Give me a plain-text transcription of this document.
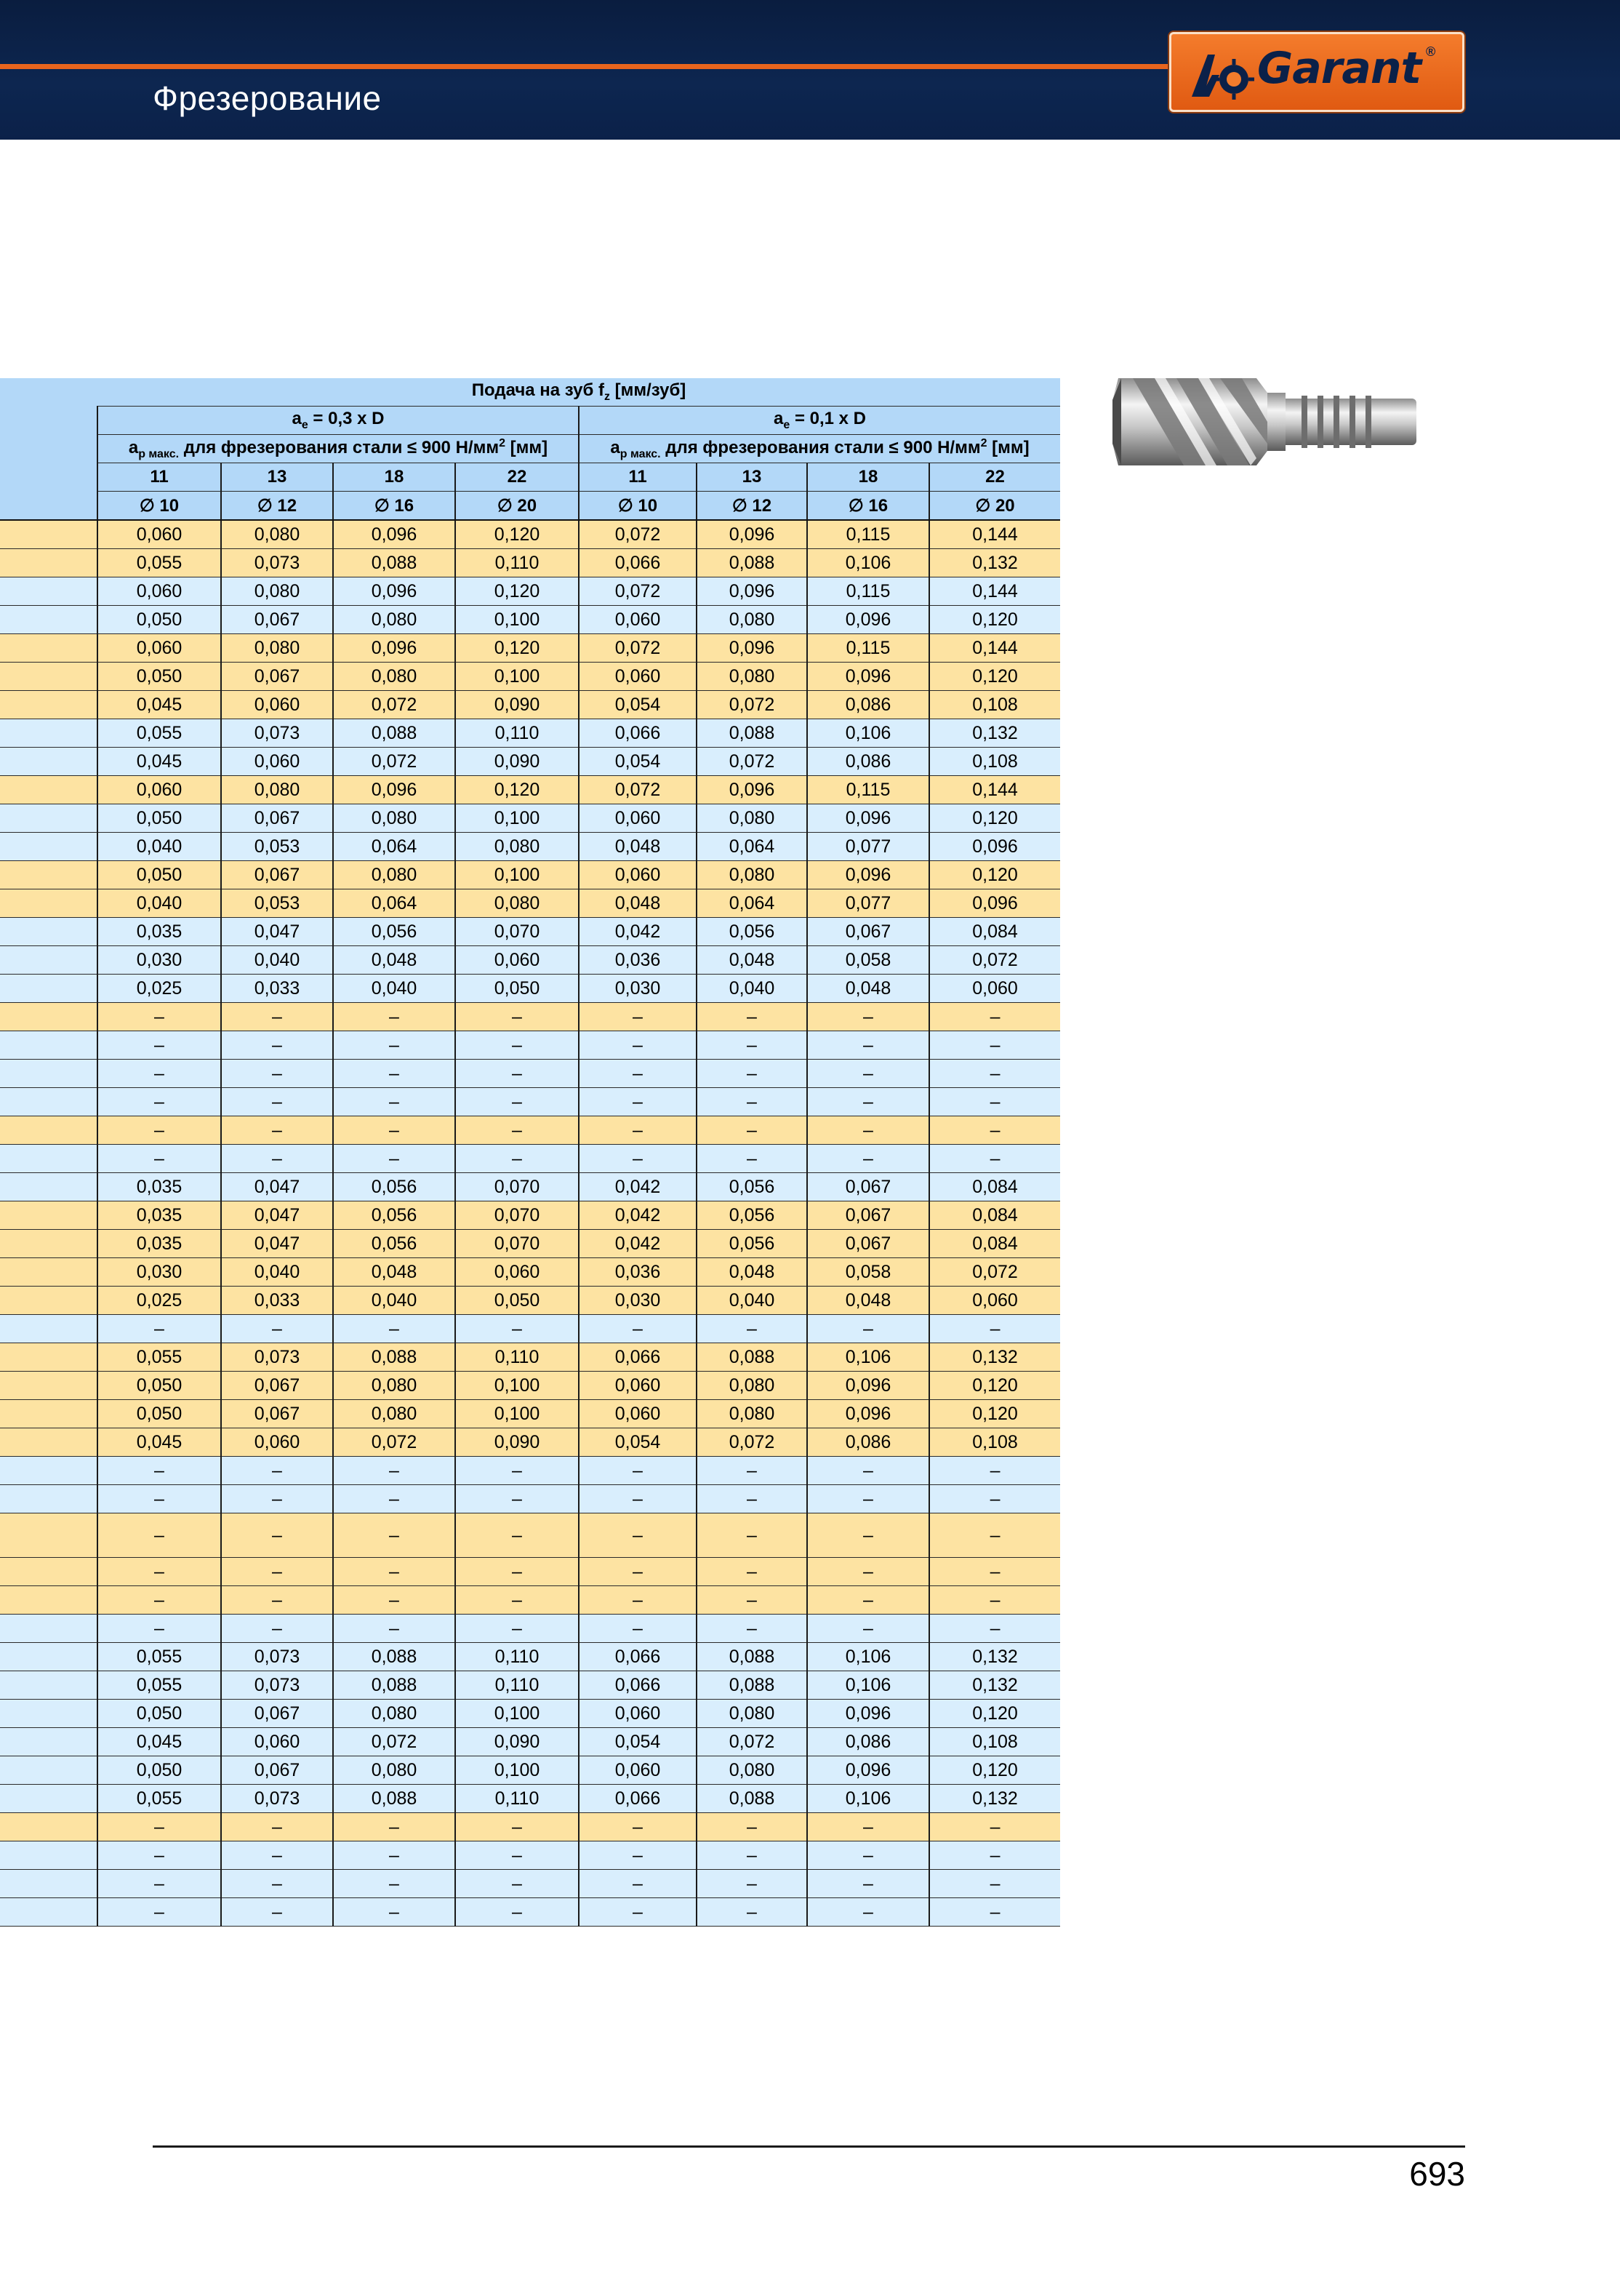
Фрезерование
Garant ®
	Подача на зуб $f_z$ [мм/зуб]							
	$a_e = 0,3$ x D				$a_e = 0,1$ x D			
	$a_{p макс.}$ для фрезерования стали ≤ 900 $Н/мм^2$ [мм]				$a_{p макс.}$ для фрезерования стали ≤ 900 $Н/мм^2$ [мм]			
	11	13	18	22	11	13	18	22
	∅ 10	∅ 12	∅ 16	∅ 20	∅ 10	∅ 12	∅ 16	∅ 20
	0,060	0,080	0,096	0,120	0,072	0,096	0,115	0,144
	0,055	0,073	0,088	0,110	0,066	0,088	0,106	0,132
	0,060	0,080	0,096	0,120	0,072	0,096	0,115	0,144
	0,050	0,067	0,080	0,100	0,060	0,080	0,096	0,120
	0,060	0,080	0,096	0,120	0,072	0,096	0,115	0,144
	0,050	0,067	0,080	0,100	0,060	0,080	0,096	0,120
	0,045	0,060	0,072	0,090	0,054	0,072	0,086	0,108
	0,055	0,073	0,088	0,110	0,066	0,088	0,106	0,132
	0,045	0,060	0,072	0,090	0,054	0,072	0,086	0,108
	0,060	0,080	0,096	0,120	0,072	0,096	0,115	0,144
	0,050	0,067	0,080	0,100	0,060	0,080	0,096	0,120
	0,040	0,053	0,064	0,080	0,048	0,064	0,077	0,096
	0,050	0,067	0,080	0,100	0,060	0,080	0,096	0,120
	0,040	0,053	0,064	0,080	0,048	0,064	0,077	0,096
	0,035	0,047	0,056	0,070	0,042	0,056	0,067	0,084
	0,030	0,040	0,048	0,060	0,036	0,048	0,058	0,072
	0,025	0,033	0,040	0,050	0,030	0,040	0,048	0,060
	–	–	–	–	–	–	–	–
	–	–	–	–	–	–	–	–
	–	–	–	–	–	–	–	–
	–	–	–	–	–	–	–	–
	–	–	–	–	–	–	–	–
	–	–	–	–	–	–	–	–
	0,035	0,047	0,056	0,070	0,042	0,056	0,067	0,084
	0,035	0,047	0,056	0,070	0,042	0,056	0,067	0,084
	0,035	0,047	0,056	0,070	0,042	0,056	0,067	0,084
	0,030	0,040	0,048	0,060	0,036	0,048	0,058	0,072
	0,025	0,033	0,040	0,050	0,030	0,040	0,048	0,060
	–	–	–	–	–	–	–	–
	0,055	0,073	0,088	0,110	0,066	0,088	0,106	0,132
	0,050	0,067	0,080	0,100	0,060	0,080	0,096	0,120
	0,050	0,067	0,080	0,100	0,060	0,080	0,096	0,120
	0,045	0,060	0,072	0,090	0,054	0,072	0,086	0,108
	–	–	–	–	–	–	–	–
	–	–	–	–	–	–	–	–
	–	–	–	–	–	–	–	–
	–	–	–	–	–	–	–	–
	–	–	–	–	–	–	–	–
	–	–	–	–	–	–	–	–
	0,055	0,073	0,088	0,110	0,066	0,088	0,106	0,132
	0,055	0,073	0,088	0,110	0,066	0,088	0,106	0,132
	0,050	0,067	0,080	0,100	0,060	0,080	0,096	0,120
	0,045	0,060	0,072	0,090	0,054	0,072	0,086	0,108
	0,050	0,067	0,080	0,100	0,060	0,080	0,096	0,120
	0,055	0,073	0,088	0,110	0,066	0,088	0,106	0,132
	–	–	–	–	–	–	–	–
	–	–	–	–	–	–	–	–
	–	–	–	–	–	–	–	–
	–	–	–	–	–	–	–	–
693
